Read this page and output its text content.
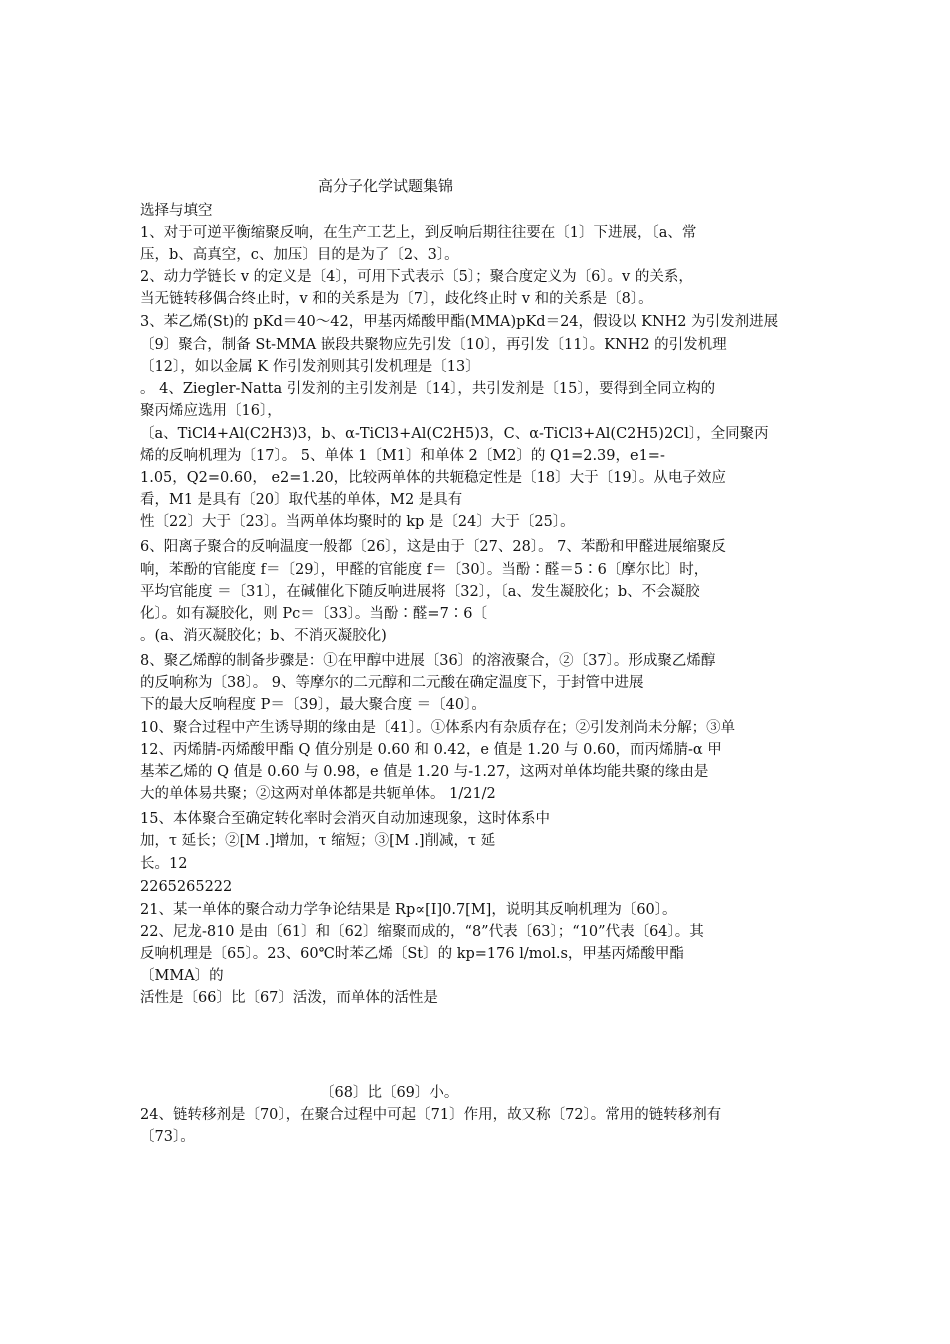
高分子化学试题集锦
选择与填空
1、对于可逆平衡缩聚反响，在生产工艺上，到反响后期往往要在〔1〕下进展，〔a、常
压，b、高真空，c、加压〕目的是为了〔2、3〕。
2、动力学链长 v 的定义是〔4〕，可用下式表示〔5〕；聚合度定义为〔6〕。v 的关系，
当无链转移偶合终止时，v 和的关系是为〔7〕，歧化终止时 v 和的关系是〔8〕。
3、苯乙烯(St)的 pKd＝40～42，甲基丙烯酸甲酯(MMA)pKd＝24，假设以 KNH2 为引发剂进展
〔9〕聚合，制备 St-MMA 嵌段共聚物应先引发〔10〕，再引发〔11〕。KNH2 的引发机理
〔12〕，如以金属 K 作引发剂则其引发机理是〔13〕
。 4、Ziegler-Natta 引发剂的主引发剂是〔14〕，共引发剂是〔15〕，要得到全同立构的
聚丙烯应选用〔16〕，
〔a、TiCl4+Al(C2H3)3，b、α-TiCl3+Al(C2H5)3，C、α-TiCl3+Al(C2H5)2Cl〕，全同聚丙
烯的反响机理为〔17〕。 5、单体 1〔M1〕和单体 2〔M2〕的 Q1=2.39，e1=-
1.05，Q2=0.60， e2=1.20，比较两单体的共轭稳定性是〔18〕大于〔19〕。从电子效应
看，M1 是具有〔20〕取代基的单体，M2 是具有
性〔22〕大于〔23〕。当两单体均聚时的 kp 是〔24〕大于〔25〕。
6、阳离子聚合的反响温度一般都〔26〕，这是由于〔27、28〕。 7、苯酚和甲醛进展缩聚反
响，苯酚的官能度 f＝〔29〕，甲醛的官能度 f＝〔30〕。当酚∶醛＝5∶6〔摩尔比〕时，
平均官能度 ＝〔31〕，在碱催化下随反响进展将〔32〕，〔a、发生凝胶化；b、不会凝胶
化〕。如有凝胶化，则 Pc＝〔33〕。当酚∶醛=7∶6〔
。(a、消灭凝胶化；b、不消灭凝胶化)
8、聚乙烯醇的制备步骤是：①在甲醇中进展〔36〕的溶液聚合，②〔37〕。形成聚乙烯醇
的反响称为〔38〕。 9、等摩尔的二元醇和二元酸在确定温度下，于封管中进展
下的最大反响程度 P＝〔39〕，最大聚合度 ＝〔40〕。
10、聚合过程中产生诱导期的缘由是〔41〕。①体系内有杂质存在；②引发剂尚未分解；③单
12、丙烯腈-丙烯酸甲酯 Q 值分别是 0.60 和 0.42，e 值是 1.20 与 0.60，而丙烯腈-α 甲
基苯乙烯的 Q 值是 0.60 与 0.98，e 值是 1.20 与-1.27，这两对单体均能共聚的缘由是
大的单体易共聚；②这两对单体都是共轭单体。 1/21/2
15、本体聚合至确定转化率时会消灭自动加速现象，这时体系中
加，τ 延长；②[M .]增加，τ 缩短；③[M .]削减，τ 延
长。12
2265265222
21、某一单体的聚合动力学争论结果是 Rp∝[I]0.7[M]，说明其反响机理为〔60〕。
22、尼龙-810 是由〔61〕和〔62〕缩聚而成的，“8”代表〔63〕；“10”代表〔64〕。其
反响机理是〔65〕。23、60℃时苯乙烯〔St〕的 kp=176 l/mol.s，甲基丙烯酸甲酯
〔MMA〕的
活性是〔66〕比〔67〕活泼，而单体的活性是
〔68〕比〔69〕小。
24、链转移剂是〔70〕，在聚合过程中可起〔71〕作用，故又称〔72〕。常用的链转移剂有
〔73〕。
